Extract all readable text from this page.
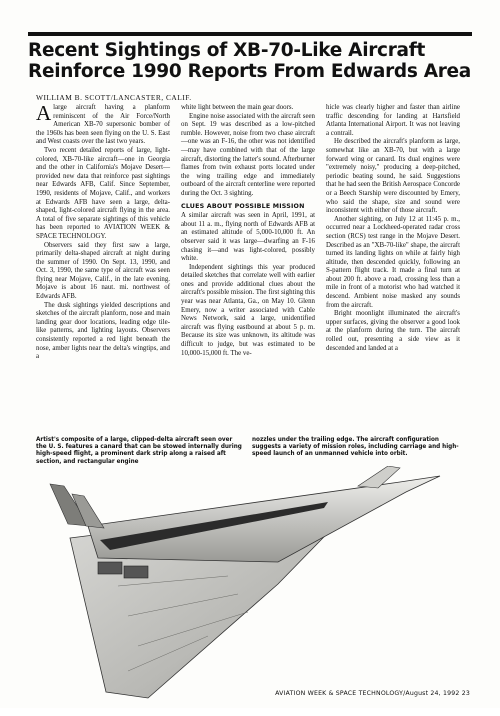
Recent Sightings of XB-70-Like Aircraft Reinforce 1990 Reports From Edwards Area
WILLIAM B. SCOTT/LANCASTER, CALIF.

Alarge aircraft having a planform reminiscent of the Air Force/North American XB-70 supersonic bomber of the 1960s has been seen flying on the U. S. East and West coasts over the last two years.

Two recent detailed reports of large, light-colored, XB-70-like aircraft—one in Georgia and the other in California's Mojave Desert—provided new data that reinforce past sightings near Edwards AFB, Calif. Since September, 1990, residents of Mojave, Calif., and workers at Edwards AFB have seen a large, delta-shaped, light-colored aircraft flying in the area. A total of five separate sightings of this vehicle has been reported to AVIATION WEEK & SPACE TECHNOLOGY.

Observers said they first saw a large, primarily delta-shaped aircraft at night during the summer of 1990. On Sept. 13, 1990, and Oct. 3, 1990, the same type of aircraft was seen flying near Mojave, Calif., in the late evening. Mojave is about 16 naut. mi. northwest of Edwards AFB.

The dusk sightings yielded descriptions and sketches of the aircraft planform, nose and main landing gear door locations, leading edge tile-like patterns, and lighting layouts. Observers consistently reported a red light beneath the nose, amber lights near the delta's wingtips, and a

white light between the main gear doors.

Engine noise associated with the aircraft seen on Sept. 19 was described as a low-pitched rumble. However, noise from two chase aircraft—one was an F-16, the other was not identified—may have combined with that of the large aircraft, distorting the latter's sound. Afterburner flames from twin exhaust ports located under the wing trailing edge and immediately outboard of the aircraft centerline were reported during the Oct. 3 sighting.

CLUES ABOUT POSSIBLE MISSION

A similar aircraft was seen in April, 1991, at about 11 a. m., flying north of Edwards AFB at an estimated altitude of 5,000-10,000 ft. An observer said it was large—dwarfing an F-16 chasing it—and was light-colored, possibly white.

Independent sightings this year produced detailed sketches that correlate well with earlier ones and provide additional clues about the aircraft's possible mission. The first sighting this year was near Atlanta, Ga., on May 10. Glenn Emery, now a writer associated with Cable News Network, said a large, unidentified aircraft was flying eastbound at about 5 p. m. Because its size was unknown, its altitude was difficult to judge, but was estimated to be 10,000-15,000 ft. The ve-

hicle was clearly higher and faster than airline traffic descending for landing at Hartsfield Atlanta International Airport. It was not leaving a contrail.

He described the aircraft's planform as large, somewhat like an XB-70, but with a large forward wing or canard. Its dual engines were "extremely noisy," producing a deep-pitched, periodic beating sound, he said. Suggestions that he had seen the British Aerospace Concorde or a Beech Starship were discounted by Emery, who said the shape, size and sound were inconsistent with either of those aircraft.

Another sighting, on July 12 at 11:45 p. m., occurred near a Lockheed-operated radar cross section (RCS) test range in the Mojave Desert. Described as an "XB-70-like" shape, the aircraft turned its landing lights on while at fairly high altitude, then descended quickly, following an S-pattern flight track. It made a final turn at about 200 ft. above a road, crossing less than a mile in front of a motorist who had watched it descend. Ambient noise masked any sounds from the aircraft.

Bright moonlight illuminated the aircraft's upper surfaces, giving the observer a good look at the planform during the turn. The aircraft rolled out, presenting a side view as it descended and landed at a

Artist's composite of a large, clipped-delta aircraft seen over the U. S. features a canard that can be stowed internally during high-speed flight, a prominent dark strip along a raised aft section, and rectangular engine
nozzles under the trailing edge. The aircraft configuration suggests a variety of mission roles, including carriage and high-speed launch of an unmanned vehicle into orbit.
AVIATION WEEK & SPACE TECHNOLOGY/August 24, 1992 23
